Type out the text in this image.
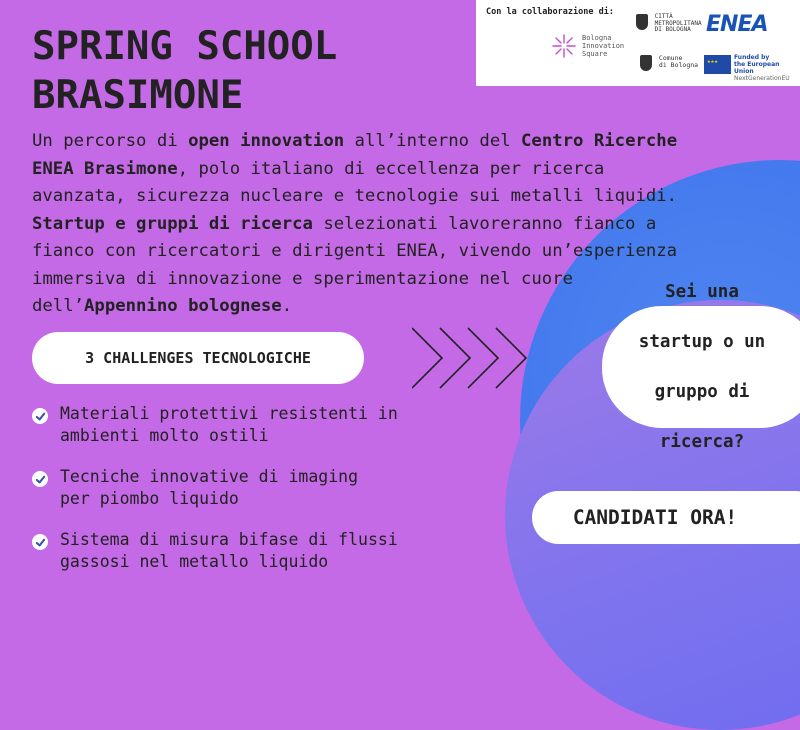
SPRING SCHOOL
BRASIMONE
Con la collaborazione di:
Bologna
Innovation
Square
CITTÀ
METROPOLITANA
DI BOLOGNA ENEA
Comune
di Bologna
★★★
Funded by
the European Union
NextGenerationEU

Un percorso di open innovation all’interno del Centro Ricerche ENEA Brasimone, polo italiano di eccellenza per ricerca avanzata, sicurezza nucleare e tecnologie sui metalli liquidi. Startup e gruppi di ricerca selezionati lavoreranno fianco a fianco con ricercatori e dirigenti ENEA, vivendo un’esperienza immersiva di innovazione e sperimentazione nel cuore dell’Appennino bolognese.

3 CHALLENGES TECNOLOGICHE
Materiali protettivi resistenti in
ambienti molto ostili
Tecniche innovative di imaging
per piombo liquido
Sistema di misura bifase di flussi
gassosi nel metallo liquido
Sei una

startup o un

gruppo di

ricerca?
CANDIDATI ORA!
